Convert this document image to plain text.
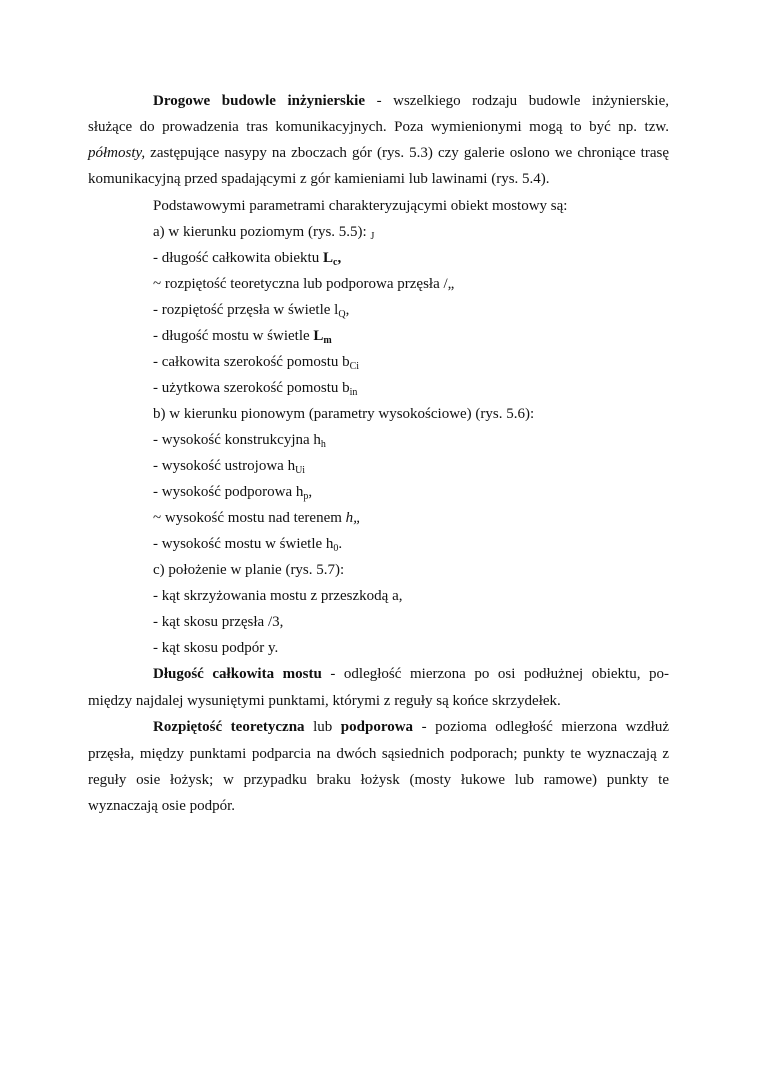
Drogowe budowle inżynierskie - wszelkiego rodzaju budowle inżynierskie,
służące do prowadzenia tras komunikacyjnych. Poza wymienionymi mogą to być np. tzw.
półmosty, zastępujące nasypy na zboczach gór (rys. 5.3) czy galerie oslono we chroniące trasę
komunikacyjną przed spadającymi z gór kamieniami lub lawinami (rys. 5.4).
Podstawowymi parametrami charakteryzującymi obiekt mostowy są:
a) w kierunku poziomym (rys. 5.5): $_J$
- długość całkowita obiektu $L_c$,
~ rozpiętość teoretyczna lub podporowa przęsła /„
- rozpiętość przęsła w świetle $l_Q$,
- długość mostu w świetle $L_m$
- całkowita szerokość pomostu $b_{Ci}$
- użytkowa szerokość pomostu $b_{in}$
b) w kierunku pionowym (parametry wysokościowe) (rys. 5.6):
- wysokość konstrukcyjna $h_h$
- wysokość ustrojowa $h_{Ui}$
- wysokość podporowa $h_p$,
~ wysokość mostu nad terenem h„
- wysokość mostu w świetle $h_0$.
c) położenie w planie (rys. 5.7):
- kąt skrzyżowania mostu z przeszkodą a,
- kąt skosu przęsła /3,
- kąt skosu podpór y.
Długość całkowita mostu - odległość mierzona po osi podłużnej obiektu, po-
między najdalej wysuniętymi punktami, którymi z reguły są końce skrzydełek.
Rozpiętość teoretyczna lub podporowa - pozioma odległość mierzona wzdłuż
przęsła, między punktami podparcia na dwóch sąsiednich podporach; punkty te wyznaczają z
reguły osie łożysk; w przypadku braku łożysk (mosty łukowe lub ramowe) punkty te
wyznaczają osie podpór.
